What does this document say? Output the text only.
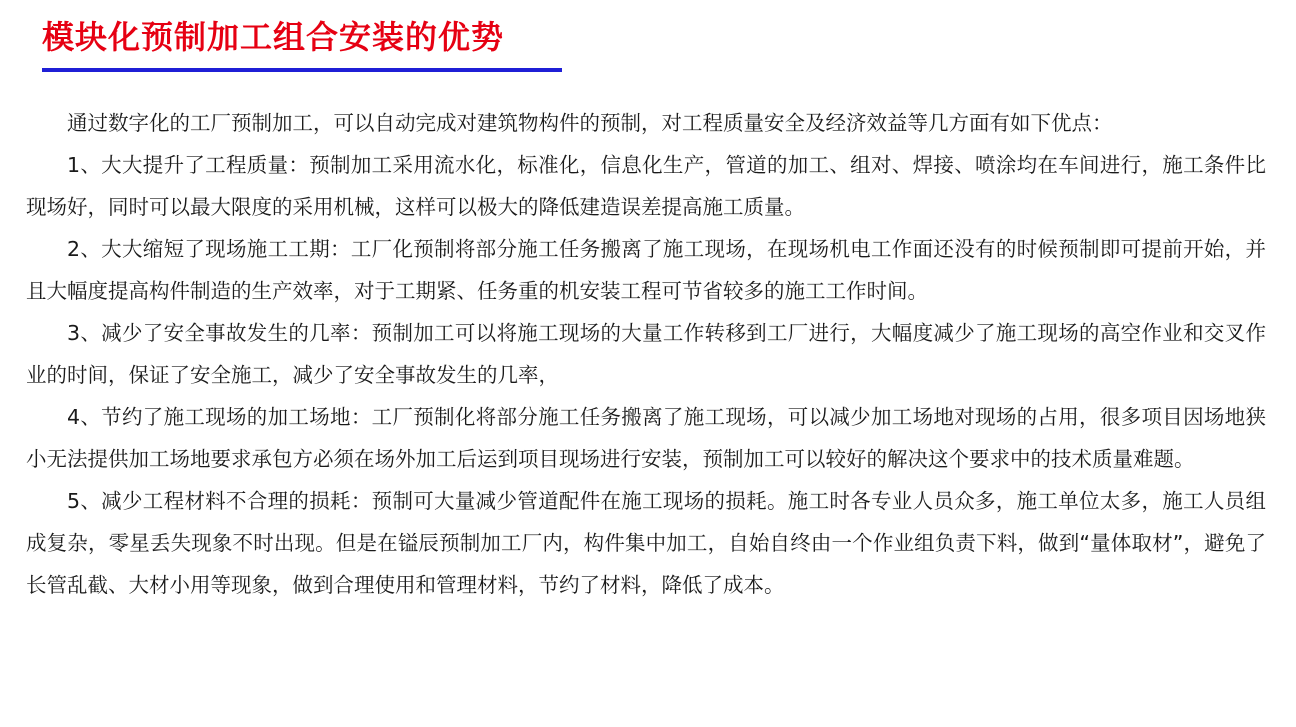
模块化预制加工组合安装的优势

通过数字化的工厂预制加工，可以自动完成对建筑物构件的预制，对工程质量安全及经济效益等几方面有如下优点：

1、大大提升了工程质量：预制加工采用流水化，标准化，信息化生产，管道的加工、组对、焊接、喷涂均在车间进行，施工条件比现场好，同时可以最大限度的采用机械，这样可以极大的降低建造误差提高施工质量。

2、大大缩短了现场施工工期：工厂化预制将部分施工任务搬离了施工现场，在现场机电工作面还没有的时候预制即可提前开始，并且大幅度提高构件制造的生产效率，对于工期紧、任务重的机安装工程可节省较多的施工工作时间。

3、减少了安全事故发生的几率：预制加工可以将施工现场的大量工作转移到工厂进行，大幅度减少了施工现场的高空作业和交叉作业的时间，保证了安全施工，减少了安全事故发生的几率，

4、节约了施工现场的加工场地：工厂预制化将部分施工任务搬离了施工现场，可以减少加工场地对现场的占用，很多项目因场地狭小无法提供加工场地要求承包方必须在场外加工后运到项目现场进行安装，预制加工可以较好的解决这个要求中的技术质量难题。

5、减少工程材料不合理的损耗：预制可大量减少管道配件在施工现场的损耗。施工时各专业人员众多，施工单位太多，施工人员组成复杂，零星丢失现象不时出现。但是在镒辰预制加工厂内，构件集中加工，自始自终由一个作业组负责下料，做到“量体取材”，避免了长管乱截、大材小用等现象，做到合理使用和管理材料，节约了材料，降低了成本。
